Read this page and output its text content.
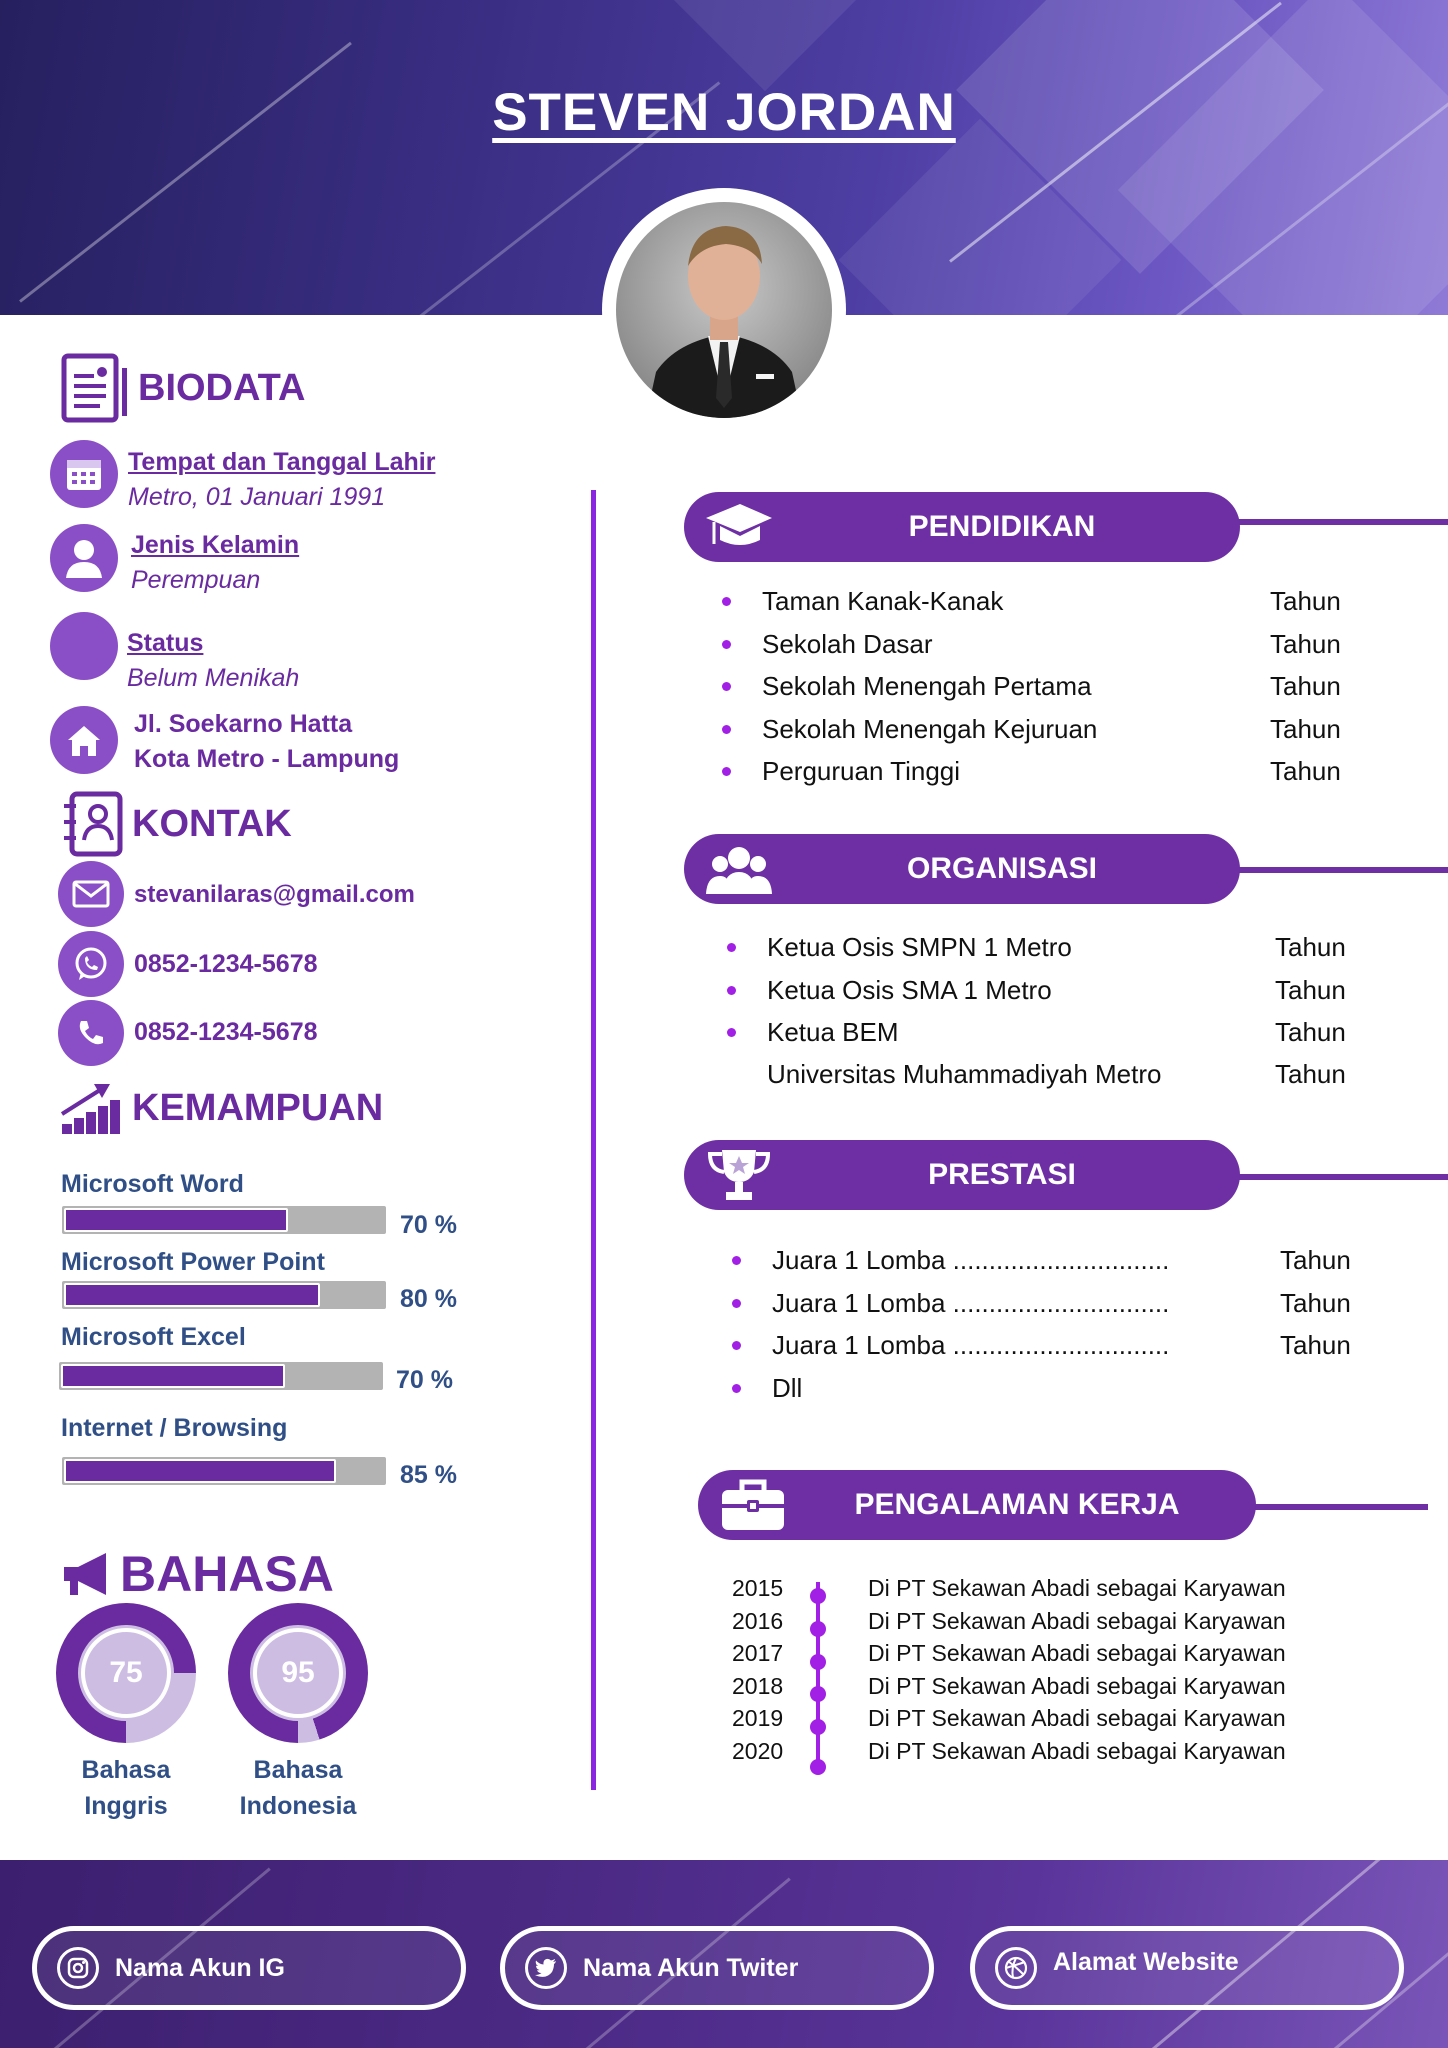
STEVEN JORDAN
BIODATA
Tempat dan Tanggal Lahir
Metro, 01 Januari 1991
Jenis Kelamin
Perempuan
Status
Belum Menikah
Jl. Soekarno Hatta
Kota Metro - Lampung
KONTAK
stevanilaras@gmail.com
0852-1234-5678
0852-1234-5678
KEMAMPUAN
Microsoft Word
70 %
Microsoft Power Point
80 %
Microsoft Excel
70 %
Internet / Browsing
85 %
BAHASA
75
Bahasa
Inggris
95
Bahasa
Indonesia
PENDIDIKAN
Taman Kanak-Kanak	Tahun
Sekolah Dasar	Tahun
Sekolah Menengah Pertama	Tahun
Sekolah Menengah Kejuruan	Tahun
Perguruan Tinggi	Tahun
ORGANISASI
Ketua Osis SMPN 1 Metro	Tahun
Ketua Osis SMA 1 Metro	Tahun
Ketua BEM	Tahun
Universitas Muhammadiyah Metro	Tahun
PRESTASI
Juara 1 Lomba ..............................	Tahun
Juara 1 Lomba ..............................	Tahun
Juara 1 Lomba ..............................	Tahun
Dll
PENGALAMAN KERJA
2015	Di PT Sekawan Abadi sebagai Karyawan
2016	Di PT Sekawan Abadi sebagai Karyawan
2017	Di PT Sekawan Abadi sebagai Karyawan
2018	Di PT Sekawan Abadi sebagai Karyawan
2019	Di PT Sekawan Abadi sebagai Karyawan
2020	Di PT Sekawan Abadi sebagai Karyawan
Nama Akun IG	Nama Akun Twiter	Alamat Website
